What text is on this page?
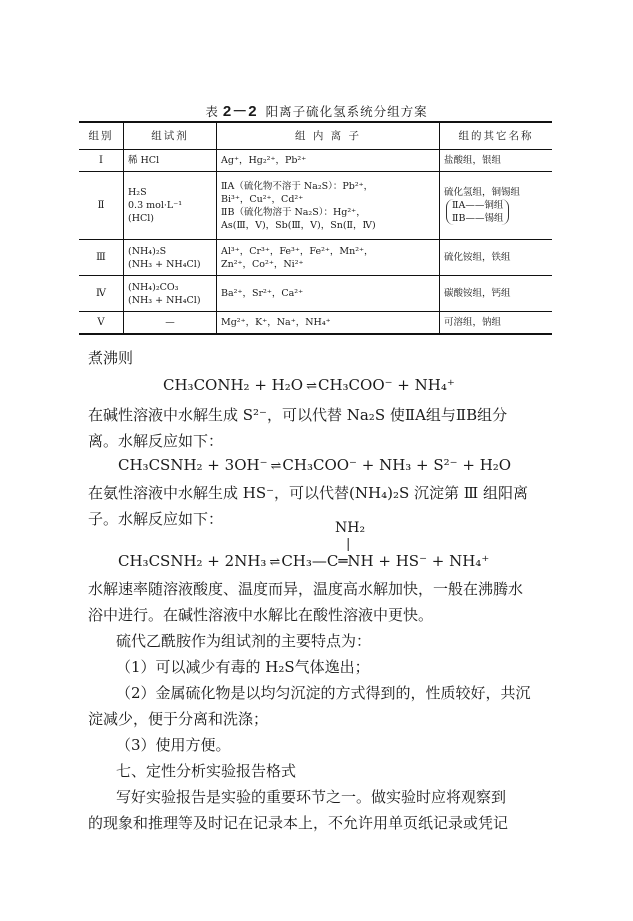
表 2－2 阳离子硫化氢系统分组方案
组别	组试剂	组 内 离 子	组的其它名称
Ⅰ	稀 HCl	Ag⁺，Hg₂²⁺，Pb²⁺	盐酸组，银组

Ⅱ	H₂S
0.3 mol·L⁻¹
(HCl)	ⅡA（硫化物不溶于 Na₂S）：Pb²⁺，
Bi³⁺，Cu²⁺，Cd²⁺
ⅡB（硫化物溶于 Na₂S）：Hg²⁺，
As(Ⅲ，Ⅴ)，Sb(Ⅲ，Ⅴ)，Sn(Ⅱ，Ⅳ)	硫化氢组，铜锡组
ⅡA——铜组
ⅡB——锡组

Ⅲ	(NH₄)₂S
(NH₃ + NH₄Cl)	Al³⁺，Cr³⁺，Fe³⁺，Fe²⁺，Mn²⁺，
Zn²⁺，Co²⁺，Ni²⁺	硫化铵组，铁组

Ⅳ	(NH₄)₂CO₃
(NH₃ + NH₄Cl)	Ba²⁺，Sr²⁺，Ca²⁺	碳酸铵组，钙组

Ⅴ	—	Mg²⁺，K⁺，Na⁺，NH₄⁺	可溶组，钠组
煮沸则
CH₃CONH₂ + H₂O ⇌ CH₃COO⁻ + NH₄⁺
在碱性溶液中水解生成 S²⁻，可以代替 Na₂S 使ⅡA组与ⅡB组分
离。水解反应如下：
CH₃CSNH₂ + 3OH⁻ ⇌ CH₃COO⁻ + NH₃ + S²⁻ + H₂O
在氨性溶液中水解生成 HS⁻，可以代替(NH₄)₂S 沉淀第 Ⅲ 组阳离
子。水解反应如下：	NH₂
|
CH₃CSNH₂ + 2NH₃ ⇌ CH₃—C═NH + HS⁻ + NH₄⁺
水解速率随溶液酸度、温度而异，温度高水解加快，一般在沸腾水
浴中进行。在碱性溶液中水解比在酸性溶液中更快。
硫代乙酰胺作为组试剂的主要特点为：
（1）可以减少有毒的 H₂S气体逸出；
（2）金属硫化物是以均匀沉淀的方式得到的，性质较好，共沉
淀减少，便于分离和洗涤；
（3）使用方便。
七、定性分析实验报告格式
写好实验报告是实验的重要环节之一。做实验时应将观察到
的现象和推理等及时记在记录本上，不允许用单页纸记录或凭记
